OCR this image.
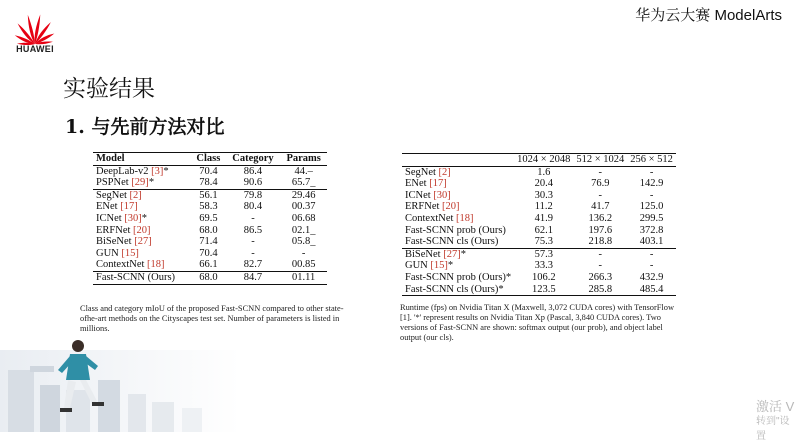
HUAWEI
华为云大赛 ModelArts
实验结果
1. 与先前方法对比
Model	Class	Category	Params
DeepLab-v2 [3]*	70.4	86.4	44.–
PSPNet [29]*	78.4	90.6	65.7_
SegNet [2]	56.1	79.8	29.46
ENet [17]	58.3	80.4	00.37
ICNet [30]*	69.5	-	06.68
ERFNet [20]	68.0	86.5	02.1_
BiSeNet [27]	71.4	-	05.8_
GUN [15]	70.4	-	-
ContextNet [18]	66.1	82.7	00.85
Fast-SCNN (Ours)	68.0	84.7	01.11
Class and category mIoU of the proposed Fast-SCNN compared to other state-ofhe-art methods on the Cityscapes test set. Number of parameters is listed in millions.
	1024 × 2048	512 × 1024	256 × 512
SegNet [2]	1.6	-	-
ENet [17]	20.4	76.9	142.9
ICNet [30]	30.3	-	-
ERFNet [20]	11.2	41.7	125.0
ContextNet [18]	41.9	136.2	299.5
Fast-SCNN prob (Ours)	62.1	197.6	372.8
Fast-SCNN cls (Ours)	75.3	218.8	403.1
BiSeNet [27]*	57.3	-	-
GUN [15]*	33.3	-	-
Fast-SCNN prob (Ours)*	106.2	266.3	432.9
Fast-SCNN cls (Ours)*	123.5	285.8	485.4
Runtime (fps) on Nvidia Titan X (Maxwell, 3,072 CUDA cores) with TensorFlow [1]. '*' represent results on Nvidia Titan Xp (Pascal, 3,840 CUDA cores). Two versions of Fast-SCNN are shown: softmax output (our prob), and object label output (our cls).
激活 V
转到"设置
